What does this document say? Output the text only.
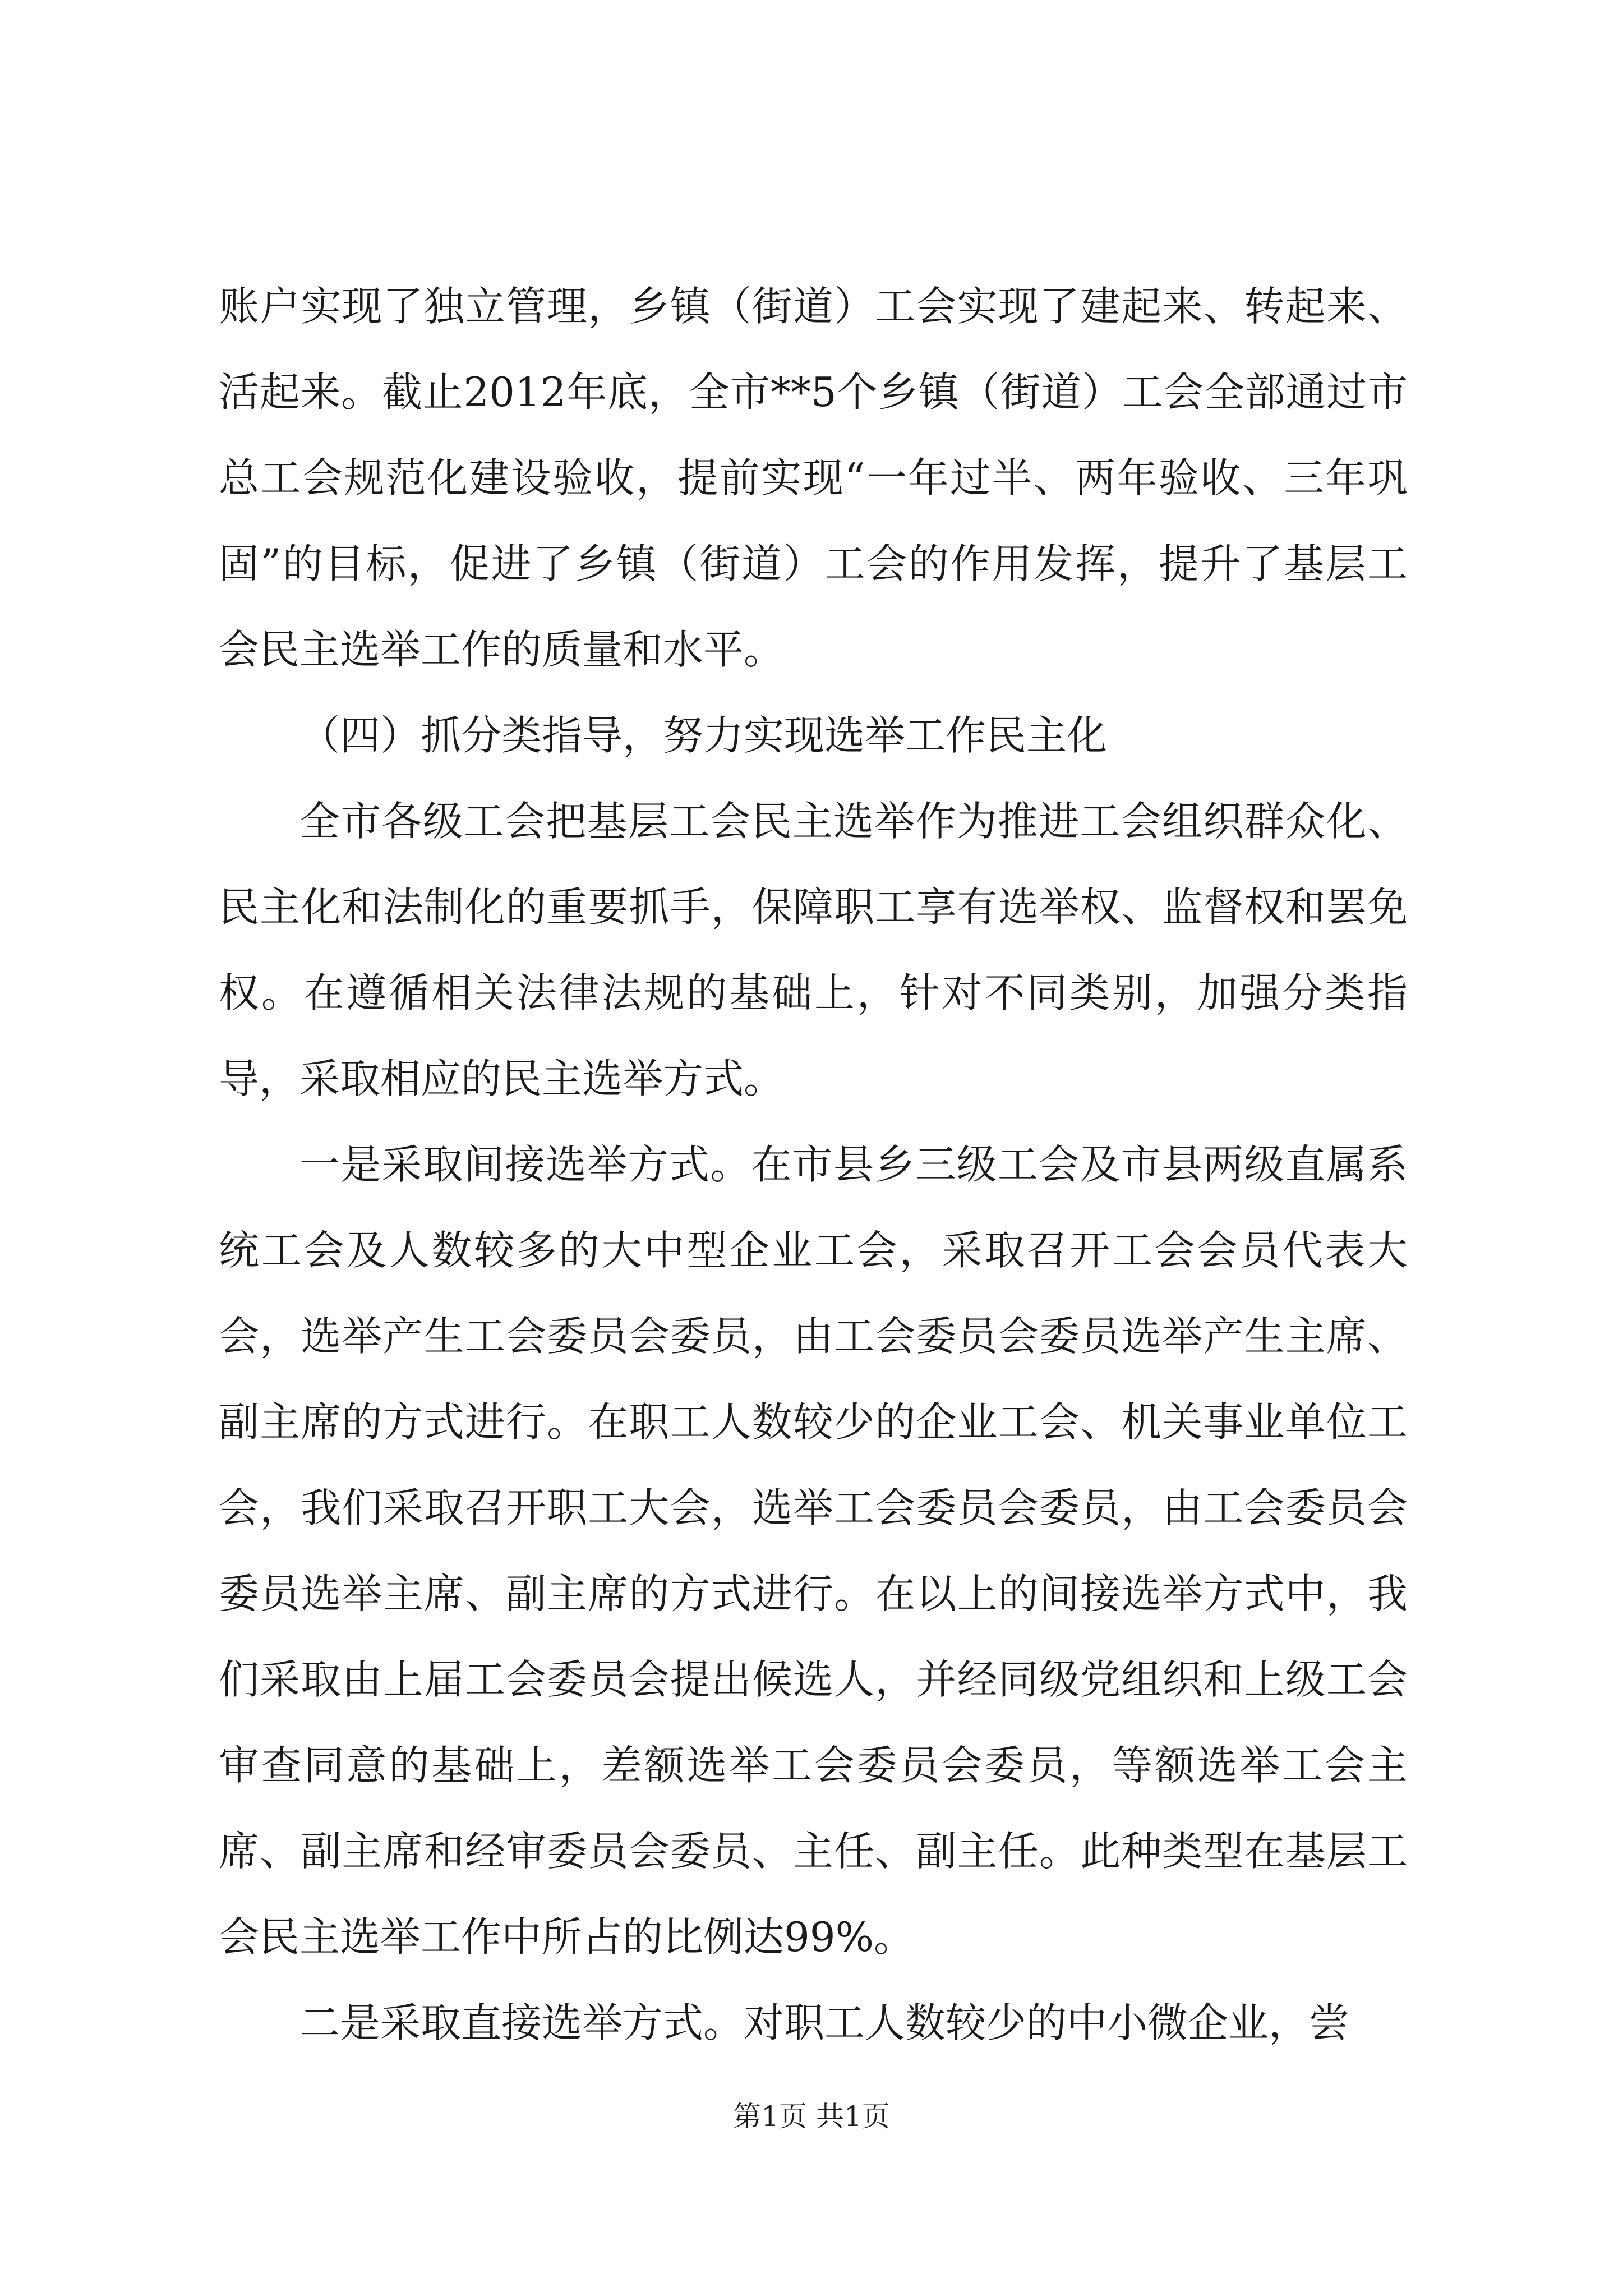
账户实现了独立管理，乡镇（街道）工会实现了建起来、转起来、活起来。截止2012年底，全市**5个乡镇（街道）工会全部通过市总工会规范化建设验收，提前实现“一年过半、两年验收、三年巩固”的目标，促进了乡镇（街道）工会的作用发挥，提升了基层工会民主选举工作的质量和水平。

（四）抓分类指导，努力实现选举工作民主化

全市各级工会把基层工会民主选举作为推进工会组织群众化、民主化和法制化的重要抓手，保障职工享有选举权、监督权和罢免权。在遵循相关法律法规的基础上，针对不同类别，加强分类指导，采取相应的民主选举方式。

一是采取间接选举方式。在市县乡三级工会及市县两级直属系统工会及人数较多的大中型企业工会，采取召开工会会员代表大会，选举产生工会委员会委员，由工会委员会委员选举产生主席、副主席的方式进行。在职工人数较少的企业工会、机关事业单位工会，我们采取召开职工大会，选举工会委员会委员，由工会委员会委员选举主席、副主席的方式进行。在以上的间接选举方式中，我们采取由上届工会委员会提出候选人，并经同级党组织和上级工会审查同意的基础上，差额选举工会委员会委员，等额选举工会主席、副主席和经审委员会委员、主任、副主任。此种类型在基层工会民主选举工作中所占的比例达99%。

二是采取直接选举方式。对职工人数较少的中小微企业，尝

第1页 共1页
